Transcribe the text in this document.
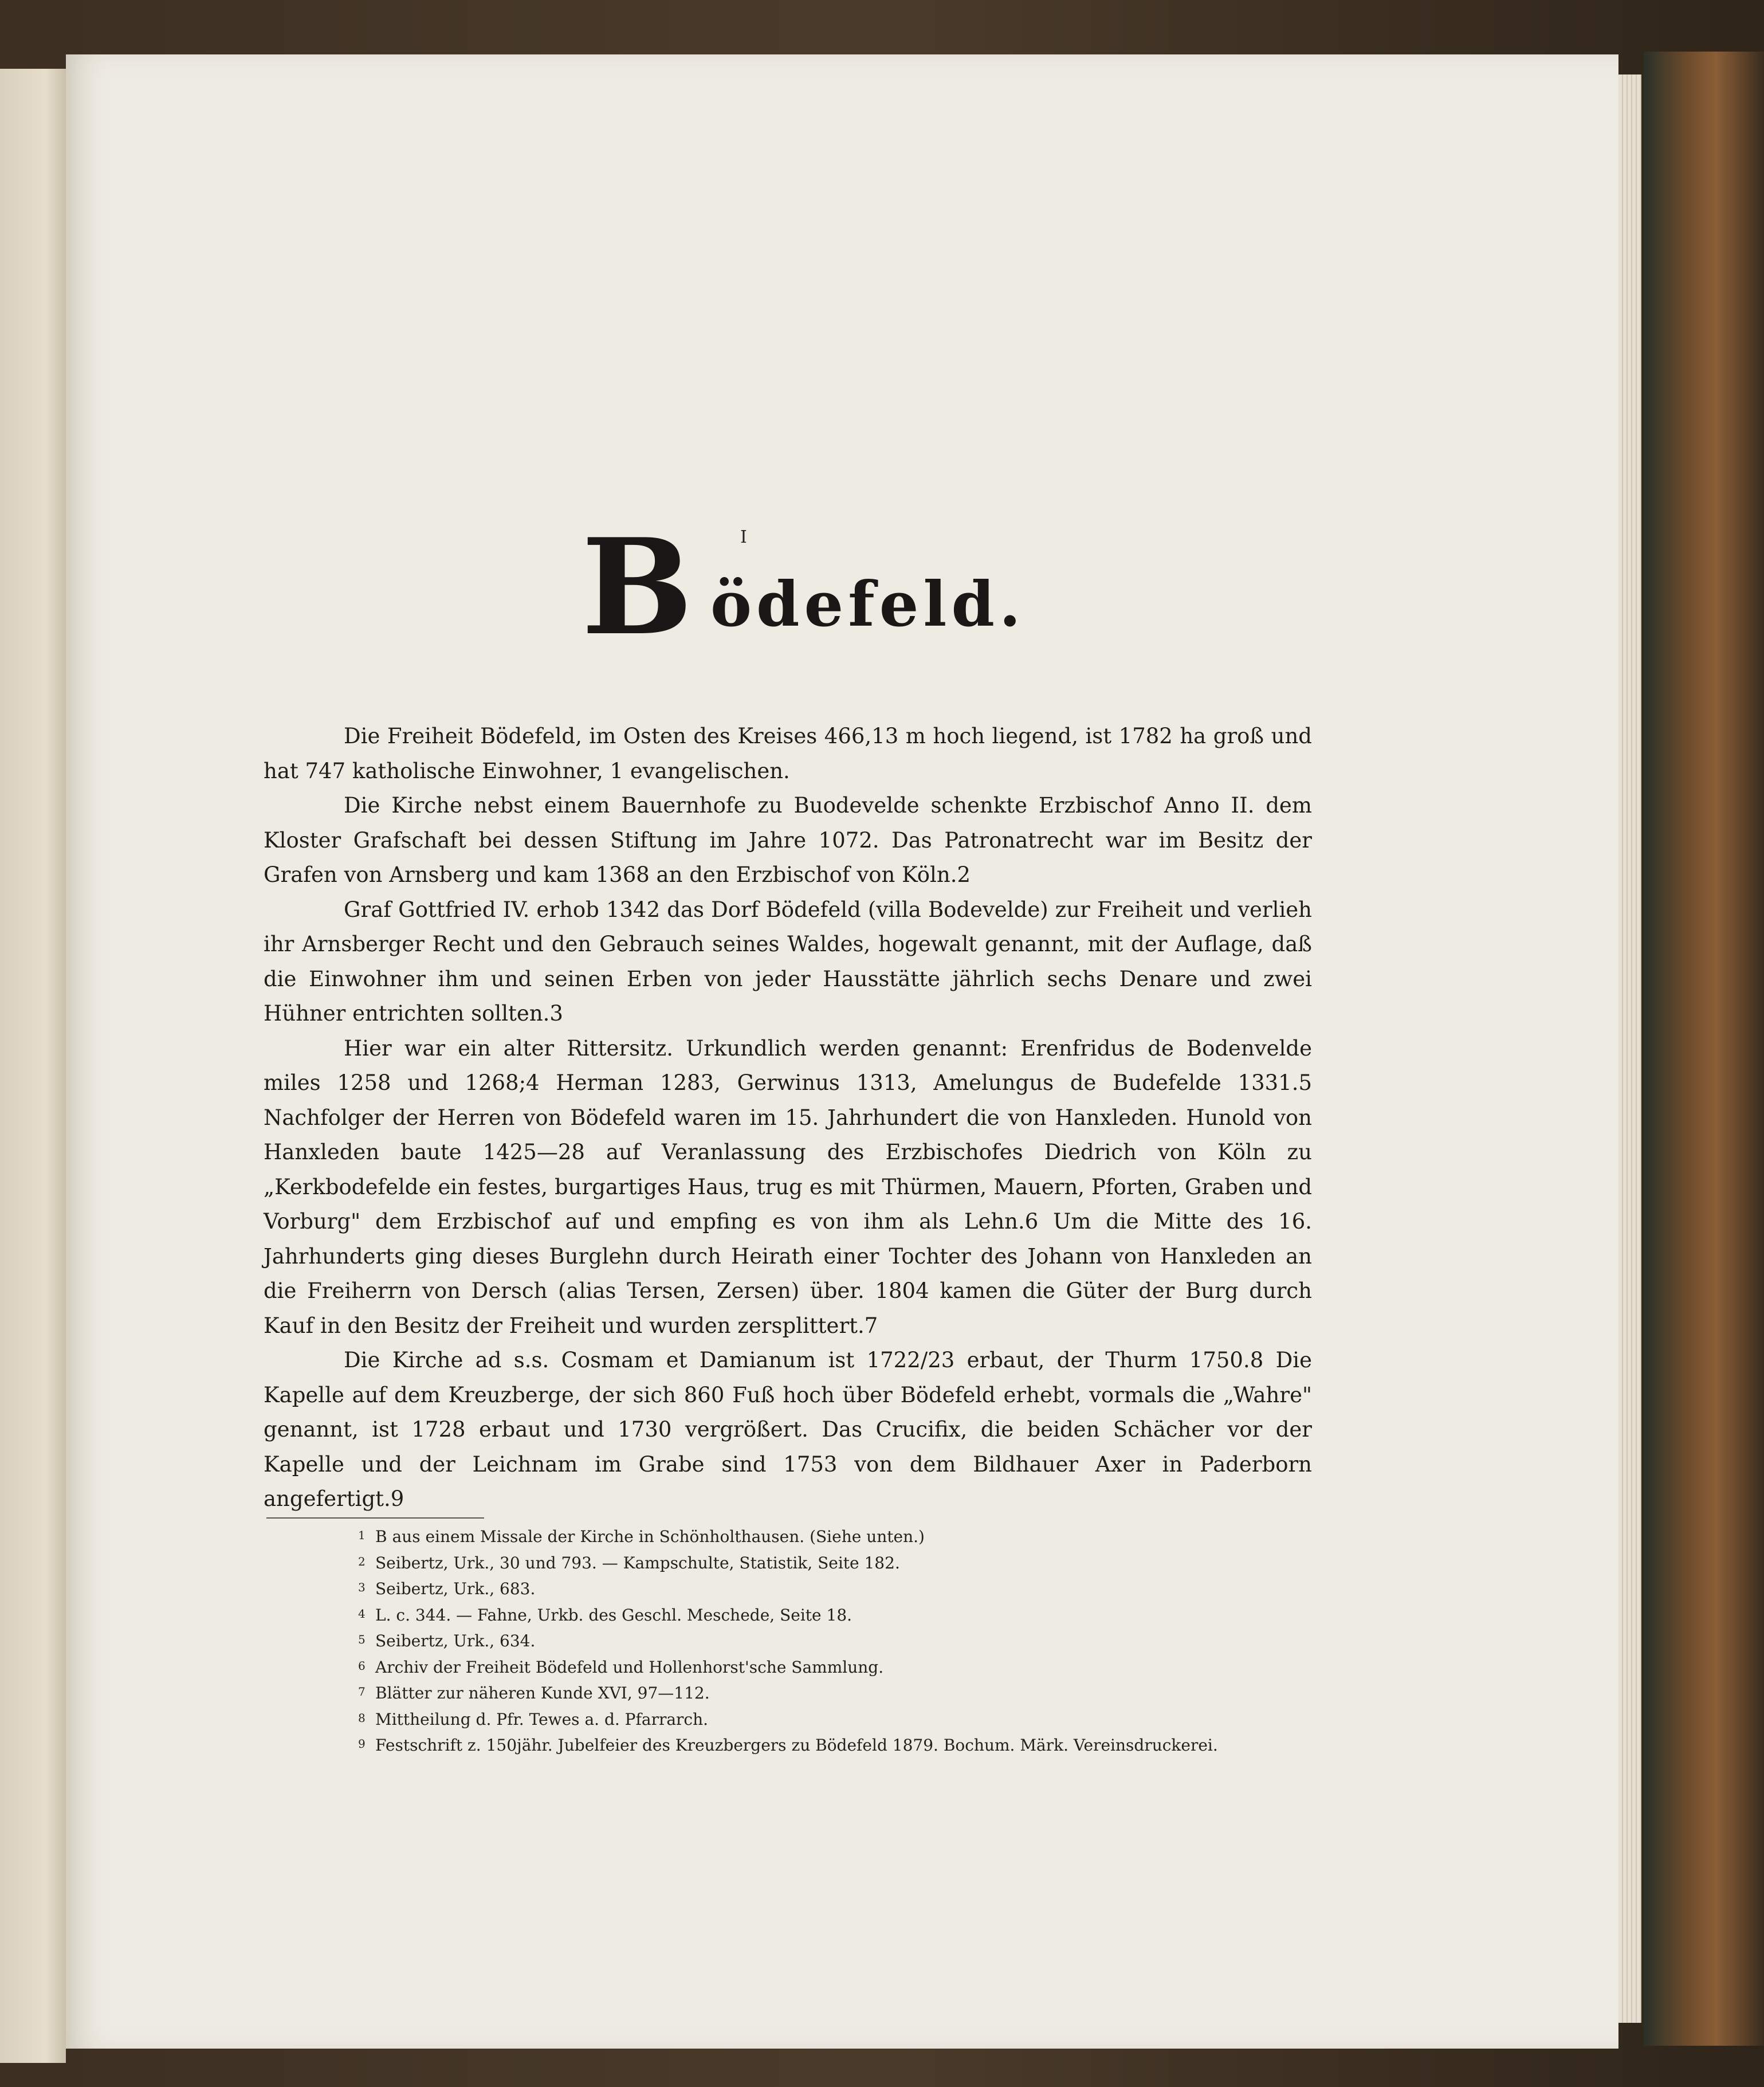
B ödefeld.
I

Die Freiheit Bödefeld, im Osten des Kreises 466,13 m hoch liegend, ist 1782 ha groß und hat 747 katholische Einwohner, 1 evangelischen.

Die Kirche nebst einem Bauernhofe zu Buodevelde schenkte Erzbischof Anno II. dem Kloster Grafschaft bei dessen Stiftung im Jahre 1072. Das Patronatrecht war im Besitz der Grafen von Arnsberg und kam 1368 an den Erzbischof von Köln.2

Graf Gottfried IV. erhob 1342 das Dorf Bödefeld (villa Bodevelde) zur Freiheit und verlieh ihr Arnsberger Recht und den Gebrauch seines Waldes, hogewalt genannt, mit der Auflage, daß die Einwohner ihm und seinen Erben von jeder Hausstätte jährlich sechs Denare und zwei Hühner entrichten sollten.3

Hier war ein alter Rittersitz. Urkundlich werden genannt: Erenfridus de Bodenvelde miles 1258 und 1268;4 Herman 1283, Gerwinus 1313, Amelungus de Budefelde 1331.5 Nachfolger der Herren von Bödefeld waren im 15. Jahrhundert die von Hanxleden. Hunold von Hanxleden baute 1425—28 auf Veranlassung des Erzbischofes Diedrich von Köln zu „Kerkbodefelde ein festes, burgartiges Haus, trug es mit Thürmen, Mauern, Pforten, Graben und Vorburg" dem Erzbischof auf und empfing es von ihm als Lehn.6 Um die Mitte des 16. Jahrhunderts ging dieses Burglehn durch Heirath einer Tochter des Johann von Hanxleden an die Freiherrn von Dersch (alias Tersen, Zersen) über. 1804 kamen die Güter der Burg durch Kauf in den Besitz der Freiheit und wurden zersplittert.7

Die Kirche ad s.s. Cosmam et Damianum ist 1722/23 erbaut, der Thurm 1750.8 Die Kapelle auf dem Kreuzberge, der sich 860 Fuß hoch über Bödefeld erhebt, vormals die „Wahre" genannt, ist 1728 erbaut und 1730 vergrößert. Das Crucifix, die beiden Schächer vor der Kapelle und der Leichnam im Grabe sind 1753 von dem Bildhauer Axer in Paderborn angefertigt.9

1 B aus einem Missale der Kirche in Schönholthausen. (Siehe unten.)
2 Seibertz, Urk., 30 und 793. — Kampschulte, Statistik, Seite 182.
3 Seibertz, Urk., 683.
4 L. c. 344. — Fahne, Urkb. des Geschl. Meschede, Seite 18.
5 Seibertz, Urk., 634.
6 Archiv der Freiheit Bödefeld und Hollenhorst'sche Sammlung.
7 Blätter zur näheren Kunde XVI, 97—112.
8 Mittheilung d. Pfr. Tewes a. d. Pfarrarch.
9 Festschrift z. 150jähr. Jubelfeier des Kreuzbergers zu Bödefeld 1879. Bochum. Märk. Vereinsdruckerei.
